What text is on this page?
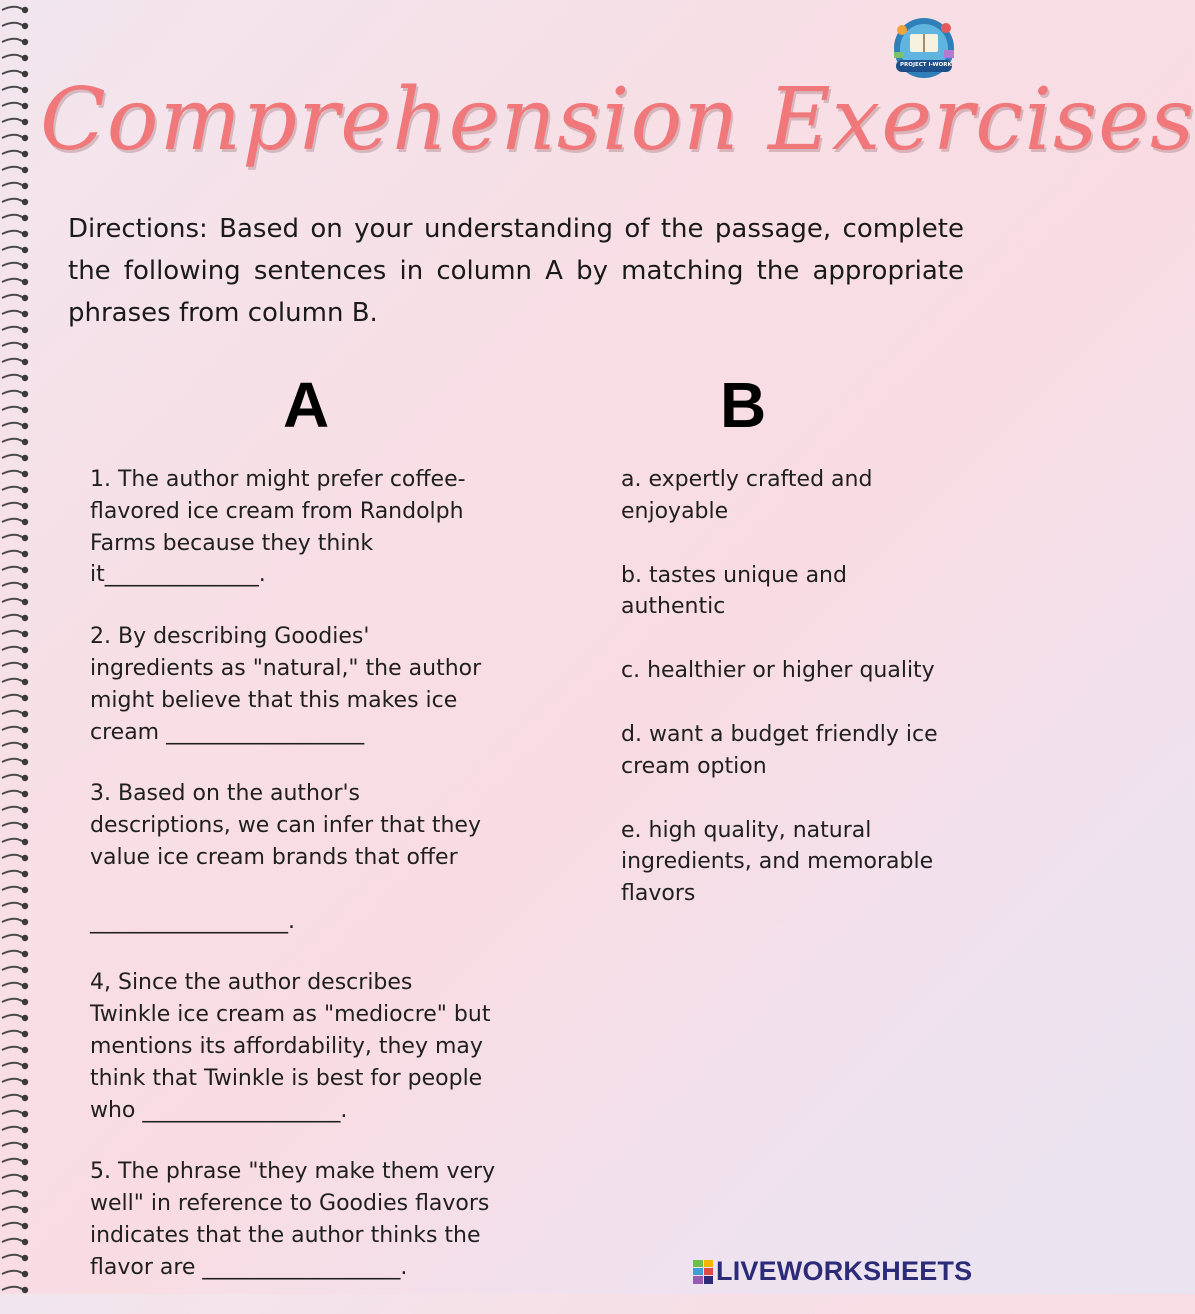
PROJECT I-WORK
Comprehension Exercises
Directions: Based on your understanding of the passage, complete the following sentences in column A by matching the appropriate phrases from column B.
A	B
1. The author might prefer coffee-
flavored ice cream from Randolph
Farms because they think
it______________.
2. By describing Goodies'
ingredients as "natural," the author
might believe that this makes ice
cream __________________
3. Based on the author's
descriptions, we can infer that they
value ice cream brands that offer

__________________.
4, Since the author describes
Twinkle ice cream as "mediocre" but
mentions its affordability, they may
think that Twinkle is best for people
who __________________.
5. The phrase "they make them very
well" in reference to Goodies flavors
indicates that the author thinks the
flavor are __________________.
a. expertly crafted and
enjoyable
b. tastes unique and
authentic
c. healthier or higher quality
d. want a budget friendly ice
cream option
e. high quality, natural
ingredients, and memorable
flavors
LIVEWORKSHEETS
